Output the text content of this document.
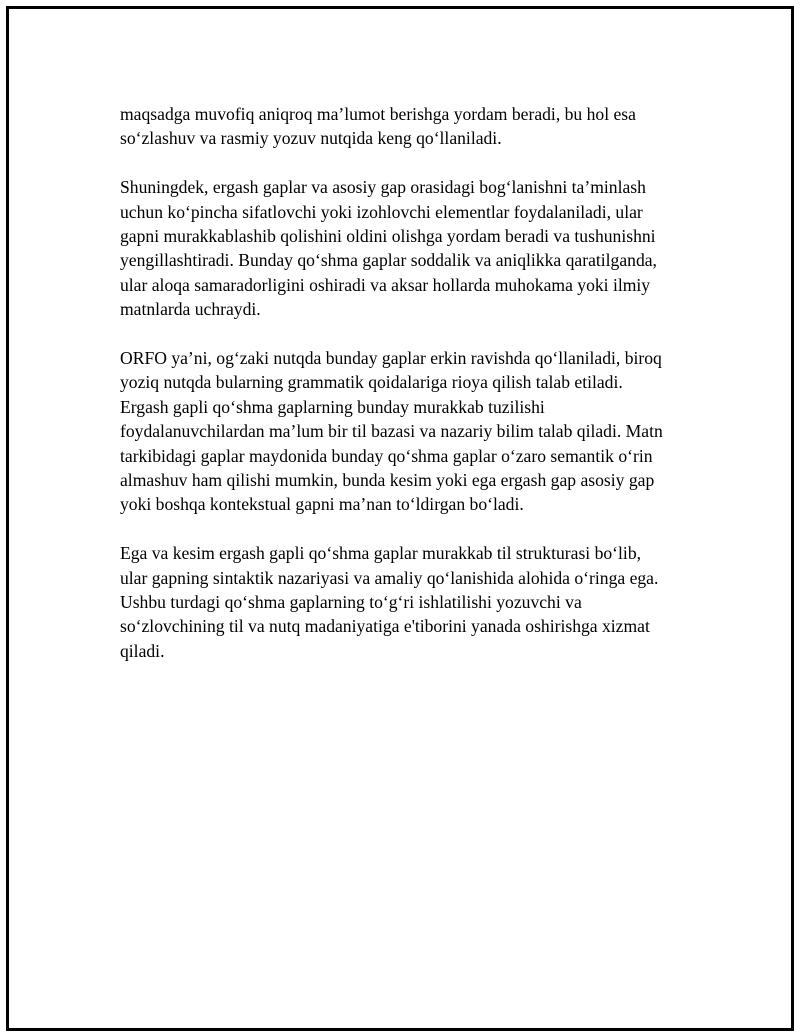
maqsadga muvofiq aniqroq ma’lumot berishga yordam beradi, bu hol esa
so‘zlashuv va rasmiy yozuv nutqida keng qo‘llaniladi.

Shuningdek, ergash gaplar va asosiy gap orasidagi bog‘lanishni ta’minlash
uchun ko‘pincha sifatlovchi yoki izohlovchi elementlar foydalaniladi, ular
gapni murakkablashib qolishini oldini olishga yordam beradi va tushunishni
yengillashtiradi. Bunday qo‘shma gaplar soddalik va aniqlikka qaratilganda,
ular aloqa samaradorligini oshiradi va aksar hollarda muhokama yoki ilmiy
matnlarda uchraydi.

ORFO ya’ni, og‘zaki nutqda bunday gaplar erkin ravishda qo‘llaniladi, biroq
yoziq nutqda bularning grammatik qoidalariga rioya qilish talab etiladi.
Ergash gapli qo‘shma gaplarning bunday murakkab tuzilishi
foydalanuvchilardan ma’lum bir til bazasi va nazariy bilim talab qiladi. Matn
tarkibidagi gaplar maydonida bunday qo‘shma gaplar o‘zaro semantik o‘rin
almashuv ham qilishi mumkin, bunda kesim yoki ega ergash gap asosiy gap
yoki boshqa kontekstual gapni ma’nan to‘ldirgan bo‘ladi.

Ega va kesim ergash gapli qo‘shma gaplar murakkab til strukturasi bo‘lib,
ular gapning sintaktik nazariyasi va amaliy qo‘lanishida alohida o‘ringa ega.
Ushbu turdagi qo‘shma gaplarning to‘g‘ri ishlatilishi yozuvchi va
so‘zlovchining til va nutq madaniyatiga e'tiborini yanada oshirishga xizmat
qiladi.
